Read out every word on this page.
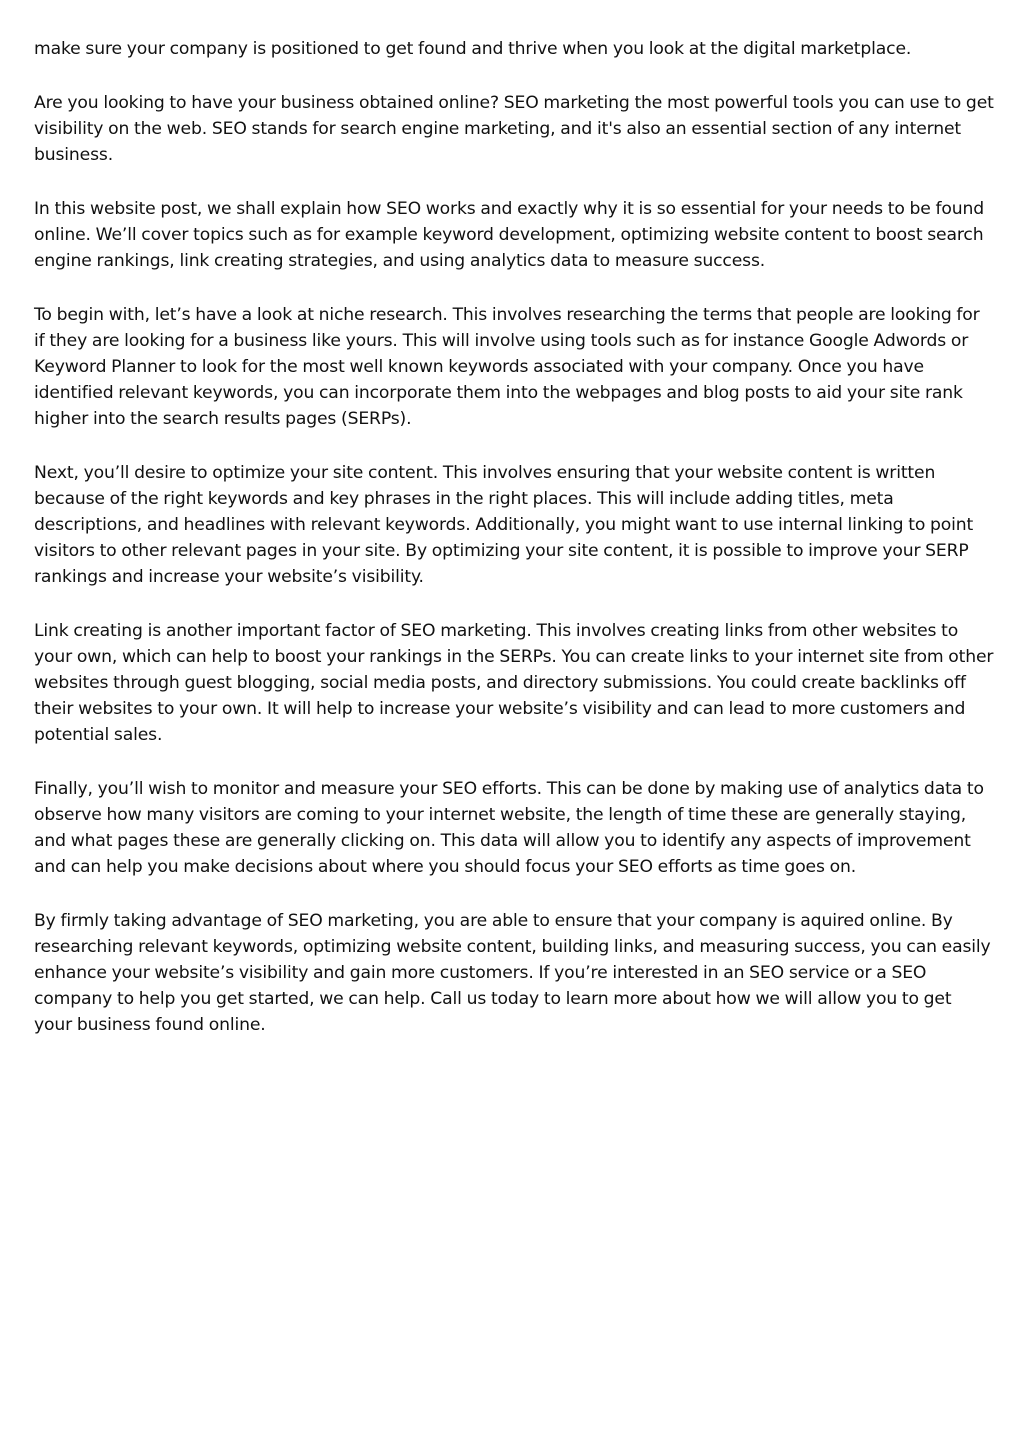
make sure your company is positioned to get found and thrive when you look at the digital marketplace.

Are you looking to have your business obtained online? SEO marketing the most powerful tools you can use to get visibility on the web. SEO stands for search engine marketing, and it's also an essential section of any internet business.

In this website post, we shall explain how SEO works and exactly why it is so essential for your needs to be found online. We’ll cover topics such as for example keyword development, optimizing website content to boost search engine rankings, link creating strategies, and using analytics data to measure success.

To begin with, let’s have a look at niche research. This involves researching the terms that people are looking for if they are looking for a business like yours. This will involve using tools such as for instance Google Adwords or Keyword Planner to look for the most well known keywords associated with your company. Once you have identified relevant keywords, you can incorporate them into the webpages and blog posts to aid your site rank higher into the search results pages (SERPs).

Next, you’ll desire to optimize your site content. This involves ensuring that your website content is written because of the right keywords and key phrases in the right places. This will include adding titles, meta descriptions, and headlines with relevant keywords. Additionally, you might want to use internal linking to point visitors to other relevant pages in your site. By optimizing your site content, it is possible to improve your SERP rankings and increase your website’s visibility.

Link creating is another important factor of SEO marketing. This involves creating links from other websites to your own, which can help to boost your rankings in the SERPs. You can create links to your internet site from other websites through guest blogging, social media posts, and directory submissions. You could create backlinks off their websites to your own. It will help to increase your website’s visibility and can lead to more customers and potential sales.

Finally, you’ll wish to monitor and measure your SEO efforts. This can be done by making use of analytics data to observe how many visitors are coming to your internet website, the length of time these are generally staying, and what pages these are generally clicking on. This data will allow you to identify any aspects of improvement and can help you make decisions about where you should focus your SEO efforts as time goes on.

By firmly taking advantage of SEO marketing, you are able to ensure that your company is aquired online. By researching relevant keywords, optimizing website content, building links, and measuring success, you can easily enhance your website’s visibility and gain more customers. If you’re interested in an SEO service or a SEO company to help you get started, we can help. Call us today to learn more about how we will allow you to get your business found online.
